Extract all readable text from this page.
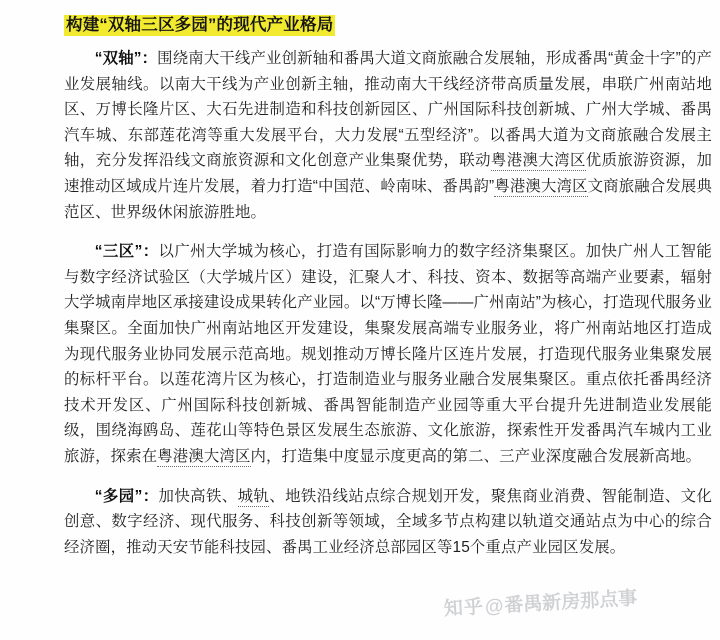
构建“双轴三区多园”的现代产业格局

“双轴”：围绕南大干线产业创新轴和番禺大道文商旅融合发展轴，形成番禺“黄金十字”的产业发展轴线。以南大干线为产业创新主轴，推动南大干线经济带高质量发展，串联广州南站地区、万博长隆片区、大石先进制造和科技创新园区、广州国际科技创新城、广州大学城、番禺汽车城、东部莲花湾等重大发展平台，大力发展“五型经济”。以番禺大道为文商旅融合发展主轴，充分发挥沿线文商旅资源和文化创意产业集聚优势，联动粤港澳大湾区优质旅游资源，加速推动区域成片连片发展，着力打造“中国范、岭南味、番禺韵”粤港澳大湾区文商旅融合发展典范区、世界级休闲旅游胜地。

“三区”：以广州大学城为核心，打造有国际影响力的数字经济集聚区。加快广州人工智能与数字经济试验区（大学城片区）建设，汇聚人才、科技、资本、数据等高端产业要素，辐射大学城南岸地区承接建设成果转化产业园。以“万博长隆——广州南站”为核心，打造现代服务业集聚区。全面加快广州南站地区开发建设，集聚发展高端专业服务业，将广州南站地区打造成为现代服务业协同发展示范高地。规划推动万博长隆片区连片发展，打造现代服务业集聚发展的标杆平台。以莲花湾片区为核心，打造制造业与服务业融合发展集聚区。重点依托番禺经济技术开发区、广州国际科技创新城、番禺智能制造产业园等重大平台提升先进制造业发展能级，围绕海鸥岛、莲花山等特色景区发展生态旅游、文化旅游，探索性开发番禺汽车城内工业旅游，探索在粤港澳大湾区内，打造集中度显示度更高的第二、三产业深度融合发展新高地。

“多园”：加快高铁、城轨、地铁沿线站点综合规划开发，聚焦商业消费、智能制造、文化创意、数字经济、现代服务、科技创新等领域，全域多节点构建以轨道交通站点为中心的综合经济圈，推动天安节能科技园、番禺工业经济总部园区等15个重点产业园区发展。

知乎@番禺新房那点事
